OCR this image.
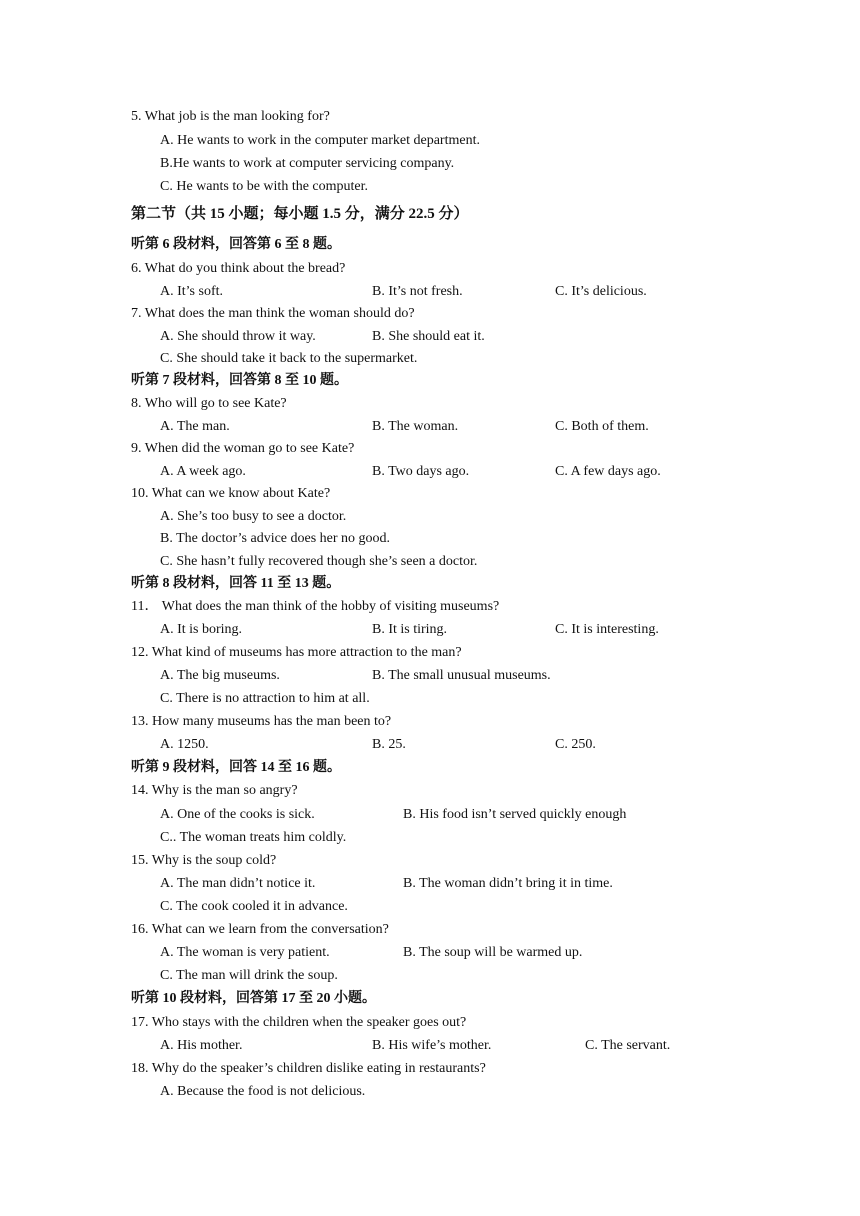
5. What job is the man looking for?
A. He wants to work in the computer market department.
B.He wants to work at computer servicing company.
C. He wants to be with the computer.
第二节（共 15 小题；每小题 1.5 分，满分 22.5 分）
听第 6 段材料，回答第 6 至 8 题。
6. What do you think about the bread?
A. It’s soft.	B. It’s not fresh.	C. It’s delicious.
7. What does the man think the woman should do?
A. She should throw it way.	B. She should eat it.
C. She should take it back to the supermarket.
听第 7 段材料，回答第 8 至 10 题。
8. Who will go to see Kate?
A. The man.	B. The woman.	C. Both of them.
9. When did the woman go to see Kate?
A. A week ago.	B. Two days ago.	C. A few days ago.
10. What can we know about Kate?
A. She’s too busy to see a doctor.
B. The doctor’s advice does her no good.
C. She hasn’t fully recovered though she’s seen a doctor.
听第 8 段材料，回答 11 至 13 题。
11． What does the man think of the hobby of visiting museums?
A. It is boring.	B. It is tiring.	C. It is interesting.
12. What kind of museums has more attraction to the man?
A. The big museums.	B. The small unusual museums.
C. There is no attraction to him at all.
13. How many museums has the man been to?
A. 1250.	B. 25.	C. 250.
听第 9 段材料，回答 14 至 16 题。
14. Why is the man so angry?
A. One of the cooks is sick.	B. His food isn’t served quickly enough
C.. The woman treats him coldly.
15. Why is the soup cold?
A. The man didn’t notice it.	B. The woman didn’t bring it in time.
C. The cook cooled it in advance.
16. What can we learn from the conversation?
A. The woman is very patient.	B. The soup will be warmed up.
C. The man will drink the soup.
听第 10 段材料，回答第 17 至 20 小题。
17. Who stays with the children when the speaker goes out?
A. His mother.	B. His wife’s mother.	C. The servant.
18. Why do the speaker’s children dislike eating in restaurants?
A. Because the food is not delicious.
